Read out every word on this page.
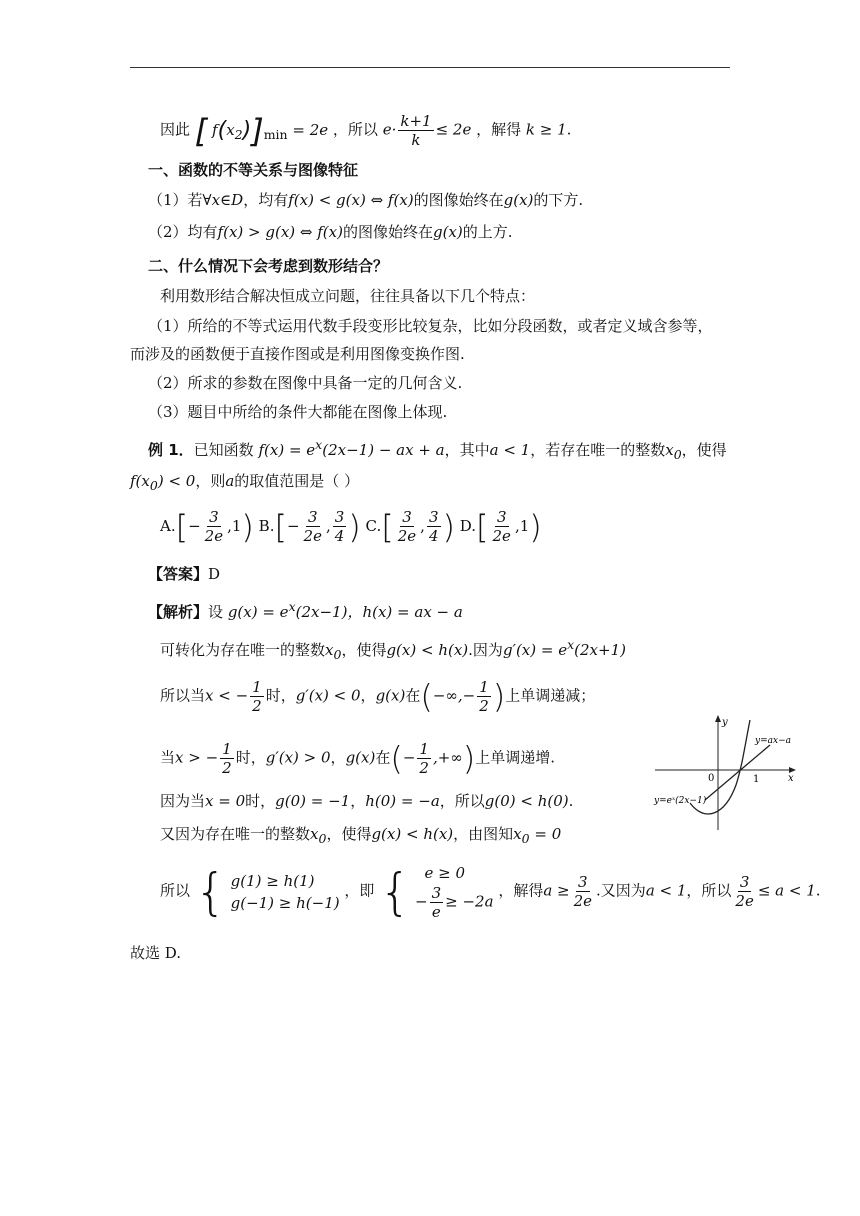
因此 [ $f(x_2)]_{min} = 2e$ ，所以 $e\cdot \frac{k+1}{k} \le 2e$ ，解得 k ≥ 1.
一、函数的不等关系与图像特征
（1）若∀x∈D，均有f(x) < g(x) ⇔ f(x)的图像始终在g(x)的下方.
（2）均有f(x) > g(x) ⇔ f(x)的图像始终在g(x)的上方.
二、什么情况下会考虑到数形结合？
利用数形结合解决恒成立问题，往往具备以下几个特点：
（1）所给的不等式运用代数手段变形比较复杂，比如分段函数，或者定义域含参等，
而涉及的函数便于直接作图或是利用图像变换作图.
（2）所求的参数在图像中具备一定的几何含义.
（3）题目中所给的条件大都能在图像上体现.
例 1．已知函数 $f(x) = e^x(2x-1)$ − ax + a，其中a < 1，若存在唯一的整数$x_0$，使得
$f(x_0) < 0$，则a的取值范围是（ ）
$A.[- \frac{3}{2e} ,1)$ $B.[- \frac{3}{2e}$ , $\frac{3}{4}$ ) $C.[ \frac{3}{2e}$ , $\frac{3}{4}$ ) $D.[ \frac{3}{2e} ,1)$
【答案】D
【解析】设 $g(x) = e^x(2x-1)$，h(x) = ax − a
可转化为存在唯一的整数$x_0$，使得g(x) < h(x).因为$g'(x) = e^x(2x+1)$
所以当x < − $\frac{1}{2}$ 时，g′(x) < 0，g(x)在(−∞,− $\frac{1}{2}$ )上单调递减；
当x > − $\frac{1}{2}$ 时，g′(x) > 0，g(x)在(− $\frac{1}{2}$ ,+∞)上单调递增.
因为当x = 0时，g(0) = −1，h(0) = −a，所以g(0) < h(0).
又因为存在唯一的整数$x_0$，使得g(x) < h(x)，由图知$x_0 = 0$
所以 { g(1) ≥ h(1)
g(−1) ≥ h(−1)
，即 { e ≥ 0
− $\frac{3}{e} \ge -2a$
，解得$a \ge \frac{3}{2e}$ .又因为a < 1，所以 $\frac{3}{2e} \le a < 1$.
故选 D.
y
x
0	1
y=ax−a
y=eˣ(2x−1)
